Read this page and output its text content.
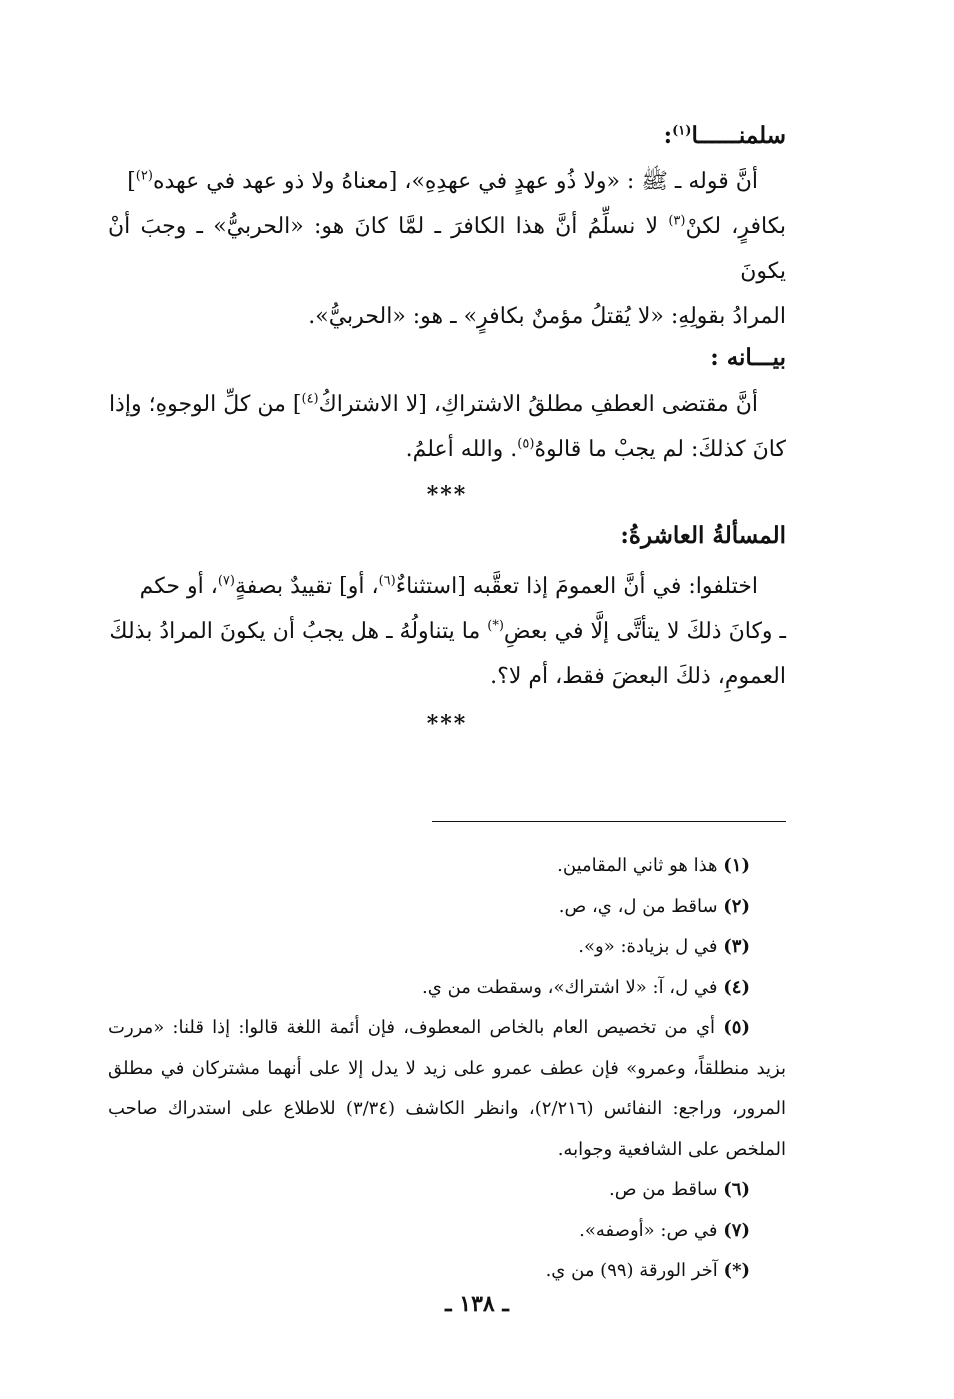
سلمنــــــا$^{(١)}$:
أنَّ قوله ـ ﷺ : «ولا ذُو عهدٍ في عهدِهِ»، [معناهُ ولا ذو عهد في عهده$^{(٢)}$]
بكافرٍ، لكنْ$^{(٣)}$ لا نسلِّمُ أنَّ هذا الكافرَ ـ لمَّا كانَ هو: «الحربيُّ» ـ وجبَ أنْ يكونَ
المرادُ بقولِهِ: «لا يُقتلُ مؤمنٌ بكافرٍ» ـ هو: «الحربيُّ».
بيـــانه :
أنَّ مقتضى العطفِ مطلقُ الاشتراكِ، [لا الاشتراكُ$^{(٤)}$] من كلِّ الوجوهِ؛ وإذا
كانَ كذلكَ: لم يجبْ ما قالوهُ$^{(٥)}$. والله أعلمُ.
***
المسألةُ العاشرةُ:
اختلفوا: في أنَّ العمومَ إذا تعقَّبه [استثناءٌ$^{(٦)}$، أو] تقييدٌ بصفةٍ$^{(٧)}$، أو حكم
ـ وكانَ ذلكَ لا يتأتَّى إلَّا في بعضِ(*) ما يتناولُهُ ـ هل يجبُ أن يكونَ المرادُ بذلكَ
العمومِ، ذلكَ البعضَ فقط، أم لا؟.
***
(١) هذا هو ثاني المقامين.
(٢) ساقط من ل، ي، ص.
(٣) في ل بزيادة: «و».
(٤) في ل، آ: «لا اشتراك»، وسقطت من ي.
(٥) أي من تخصيص العام بالخاص المعطوف، فإن أئمة اللغة قالوا: إذا قلنا: «مررت بزيد منطلقاً، وعمرو» فإن عطف عمرو على زيد لا يدل إلا على أنهما مشتركان في مطلق المرور، وراجع: النفائس (٢/٢١٦)، وانظر الكاشف (٣/٣٤) للاطلاع على استدراك صاحب الملخص على الشافعية وجوابه.
(٦) ساقط من ص.
(٧) في ص: «أوصفه».
(*) آخر الورقة (٩٩) من ي.
ـ ١٣٨ ـ
